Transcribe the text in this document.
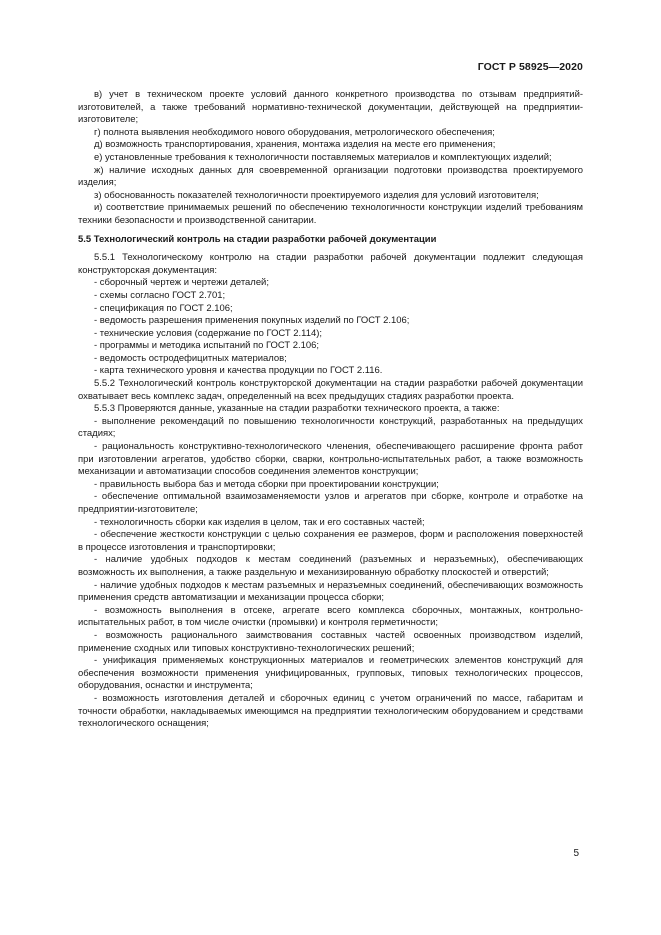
ГОСТ Р 58925—2020

в) учет в техническом проекте условий данного конкретного производства по отзывам предприятий-изготовителей, а также требований нормативно-технической документации, действующей на предприятии-изготовителе;

г) полнота выявления необходимого нового оборудования, метрологического обеспечения;

д) возможность транспортирования, хранения, монтажа изделия на месте его применения;

е) установленные требования к технологичности поставляемых материалов и комплектующих изделий;

ж) наличие исходных данных для своевременной организации подготовки производства проектируемого изделия;

з) обоснованность показателей технологичности проектируемого изделия для условий изготовителя;

и) соответствие принимаемых решений по обеспечению технологичности конструкции изделий требованиям техники безопасности и производственной санитарии.

5.5 Технологический контроль на стадии разработки рабочей документации

5.5.1 Технологическому контролю на стадии разработки рабочей документации подлежит следующая конструкторская документация:

- сборочный чертеж и чертежи деталей;

- схемы согласно ГОСТ 2.701;

- спецификация по ГОСТ 2.106;

- ведомость разрешения применения покупных изделий по ГОСТ 2.106;

- технические условия (содержание по ГОСТ 2.114);

- программы и методика испытаний по ГОСТ 2.106;

- ведомость остродефицитных материалов;

- карта технического уровня и качества продукции по ГОСТ 2.116.

5.5.2 Технологический контроль конструкторской документации на стадии разработки рабочей документации охватывает весь комплекс задач, определенный на всех предыдущих стадиях разработки проекта.

5.5.3 Проверяются данные, указанные на стадии разработки технического проекта, а также:

- выполнение рекомендаций по повышению технологичности конструкций, разработанных на предыдущих стадиях;

- рациональность конструктивно-технологического членения, обеспечивающего расширение фронта работ при изготовлении агрегатов, удобство сборки, сварки, контрольно-испытательных работ, а также возможность механизации и автоматизации способов соединения элементов конструкции;

- правильность выбора баз и метода сборки при проектировании конструкции;

- обеспечение оптимальной взаимозаменяемости узлов и агрегатов при сборке, контроле и отработке на предприятии-изготовителе;

- технологичность сборки как изделия в целом, так и его составных частей;

- обеспечение жесткости конструкции с целью сохранения ее размеров, форм и расположения поверхностей в процессе изготовления и транспортировки;

- наличие удобных подходов к местам соединений (разъемных и неразъемных), обеспечивающих возможность их выполнения, а также раздельную и механизированную обработку плоскостей и отверстий;

- наличие удобных подходов к местам разъемных и неразъемных соединений, обеспечивающих возможность применения средств автоматизации и механизации процесса сборки;

- возможность выполнения в отсеке, агрегате всего комплекса сборочных, монтажных, контрольно-испытательных работ, в том числе очистки (промывки) и контроля герметичности;

- возможность рационального заимствования составных частей освоенных производством изделий, применение сходных или типовых конструктивно-технологических решений;

- унификация применяемых конструкционных материалов и геометрических элементов конструкций для обеспечения возможности применения унифицированных, групповых, типовых технологических процессов, оборудования, оснастки и инструмента;

- возможность изготовления деталей и сборочных единиц с учетом ограничений по массе, габаритам и точности обработки, накладываемых имеющимся на предприятии технологическим оборудованием и средствами технологического оснащения;

5
